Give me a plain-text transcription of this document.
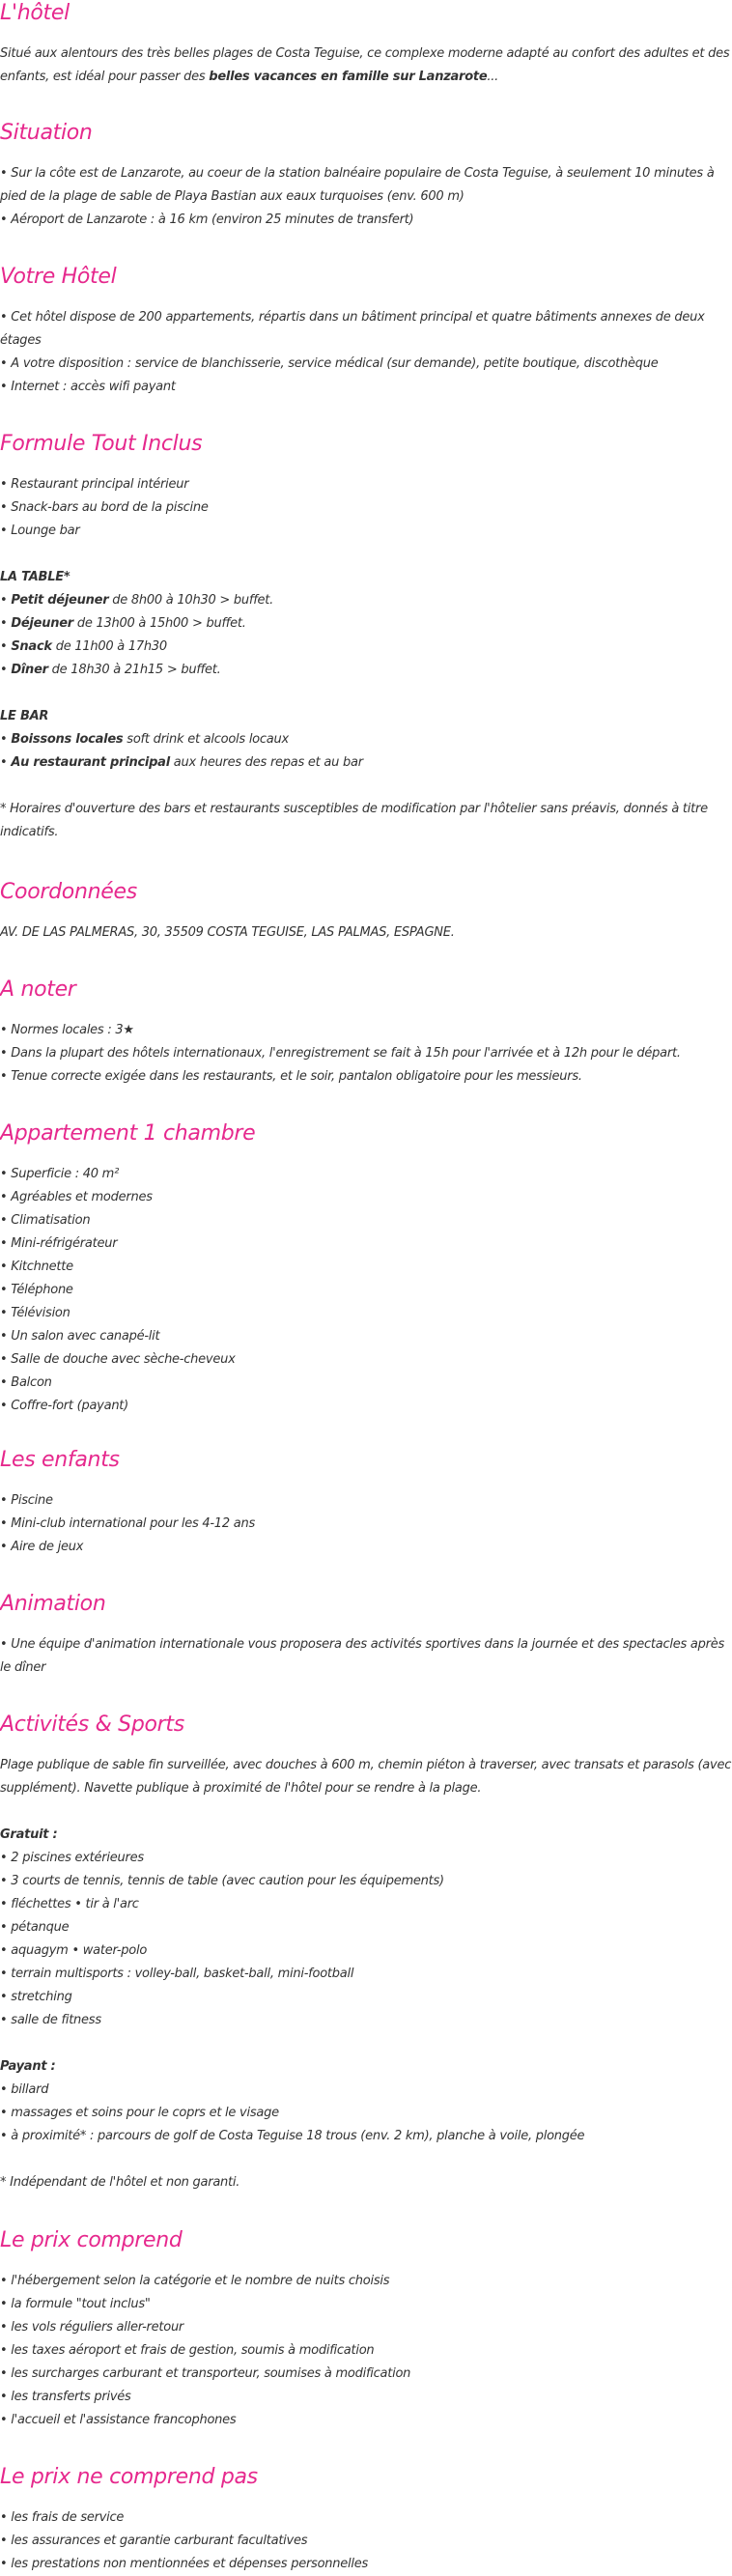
L'hôtel

Situé aux alentours des très belles plages de Costa Teguise, ce complexe moderne adapté au confort des adultes et des enfants, est idéal pour passer des belles vacances en famille sur Lanzarote...

Situation

• Sur la côte est de Lanzarote, au coeur de la station balnéaire populaire de Costa Teguise, à seulement 10 minutes à pied de la plage de sable de Playa Bastian aux eaux turquoises (env. 600 m)

• Aéroport de Lanzarote : à 16 km (environ 25 minutes de transfert)

Votre Hôtel

• Cet hôtel dispose de 200 appartements, répartis dans un bâtiment principal et quatre bâtiments annexes de deux étages

• A votre disposition : service de blanchisserie, service médical (sur demande), petite boutique, discothèque

• Internet : accès wifi payant

Formule Tout Inclus

• Restaurant principal intérieur

• Snack-bars au bord de la piscine

• Lounge bar

LA TABLE*

• Petit déjeuner de 8h00 à 10h30 > buffet.

• Déjeuner de 13h00 à 15h00 > buffet.

• Snack de 11h00 à 17h30

• Dîner de 18h30 à 21h15 > buffet.

LE BAR

• Boissons locales soft drink et alcools locaux

• Au restaurant principal aux heures des repas et au bar

* Horaires d'ouverture des bars et restaurants susceptibles de modification par l'hôtelier sans préavis, donnés à titre indicatifs.

Coordonnées

AV. DE LAS PALMERAS, 30, 35509 COSTA TEGUISE, LAS PALMAS, ESPAGNE.

A noter

• Normes locales : 3★

• Dans la plupart des hôtels internationaux, l'enregistrement se fait à 15h pour l'arrivée et à 12h pour le départ.

• Tenue correcte exigée dans les restaurants, et le soir, pantalon obligatoire pour les messieurs.

Appartement 1 chambre

• Superficie : 40 m²

• Agréables et modernes

• Climatisation

• Mini-réfrigérateur

• Kitchnette

• Téléphone

• Télévision

• Un salon avec canapé-lit

• Salle de douche avec sèche-cheveux

• Balcon

• Coffre-fort (payant)

Les enfants

• Piscine

• Mini-club international pour les 4-12 ans

• Aire de jeux

Animation

• Une équipe d'animation internationale vous proposera des activités sportives dans la journée et des spectacles après le dîner

Activités & Sports

Plage publique de sable fin surveillée, avec douches à 600 m, chemin piéton à traverser, avec transats et parasols (avec supplément). Navette publique à proximité de l'hôtel pour se rendre à la plage.

Gratuit :

• 2 piscines extérieures

• 3 courts de tennis, tennis de table (avec caution pour les équipements)

• fléchettes • tir à l'arc

• pétanque

• aquagym • water-polo

• terrain multisports : volley-ball, basket-ball, mini-football

• stretching

• salle de fitness

Payant :

• billard

• massages et soins pour le coprs et le visage

• à proximité* : parcours de golf de Costa Teguise 18 trous (env. 2 km), planche à voile, plongée

* Indépendant de l'hôtel et non garanti.

Le prix comprend

• l'hébergement selon la catégorie et le nombre de nuits choisis

• la formule "tout inclus"

• les vols réguliers aller-retour

• les taxes aéroport et frais de gestion, soumis à modification

• les surcharges carburant et transporteur, soumises à modification

• les transferts privés

• l'accueil et l'assistance francophones

Le prix ne comprend pas

• les frais de service

• les assurances et garantie carburant facultatives

• les prestations non mentionnées et dépenses personnelles
